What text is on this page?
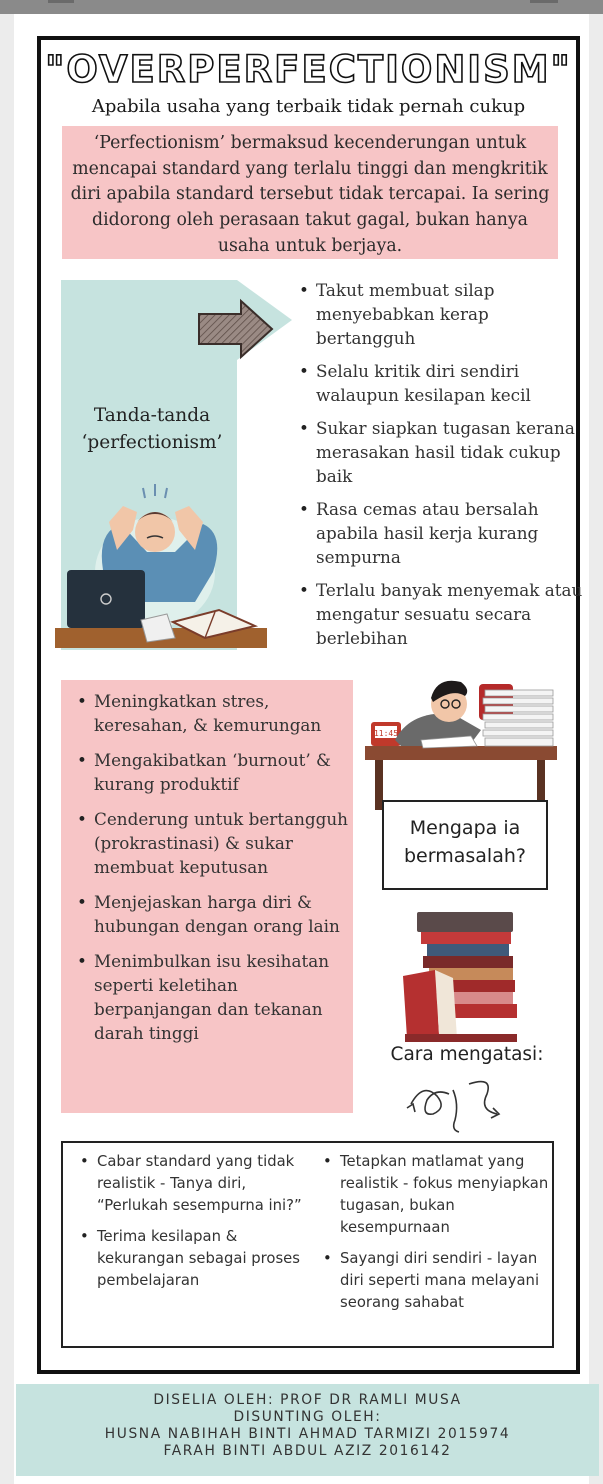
"OVERPERFECTIONISM"
Apabila usaha yang terbaik tidak pernah cukup

‘Perfectionism’ bermaksud kecenderungan untuk mencapai standard yang terlalu tinggi dan mengkritik diri apabila standard tersebut tidak tercapai. Ia sering didorong oleh perasaan takut gagal, bukan hanya usaha untuk berjaya.

Tanda-tanda
‘perfectionism’
• Takut membuat silap menyebabkan kerap bertangguh
• Selalu kritik diri sendiri walaupun kesilapan kecil
• Sukar siapkan tugasan kerana merasakan hasil tidak cukup baik
• Rasa cemas atau bersalah apabila hasil kerja kurang sempurna
• Terlalu banyak menyemak atau mengatur sesuatu secara berlebihan
• Meningkatkan stres, keresahan, & kemurungan
• Mengakibatkan ‘burnout’ & kurang produktif
• Cenderung untuk bertangguh (prokrastinasi) & sukar membuat keputusan
• Menjejaskan harga diri & hubungan dengan orang lain
• Menimbulkan isu kesihatan seperti keletihan berpanjangan dan tekanan darah tinggi
11:45
Mengapa ia
bermasalah?
Cara mengatasi:
• Cabar standard yang tidak realistik - Tanya diri, “Perlukah sesempurna ini?”
• Terima kesilapan & kekurangan sebagai proses pembelajaran
• Tetapkan matlamat yang realistik - fokus menyiapkan tugasan, bukan kesempurnaan
• Sayangi diri sendiri - layan diri seperti mana melayani seorang sahabat
DISELIA OLEH: PROF DR RAMLI MUSA
DISUNTING OLEH:
HUSNA NABIHAH BINTI AHMAD TARMIZI 2015974
FARAH BINTI ABDUL AZIZ 2016142
